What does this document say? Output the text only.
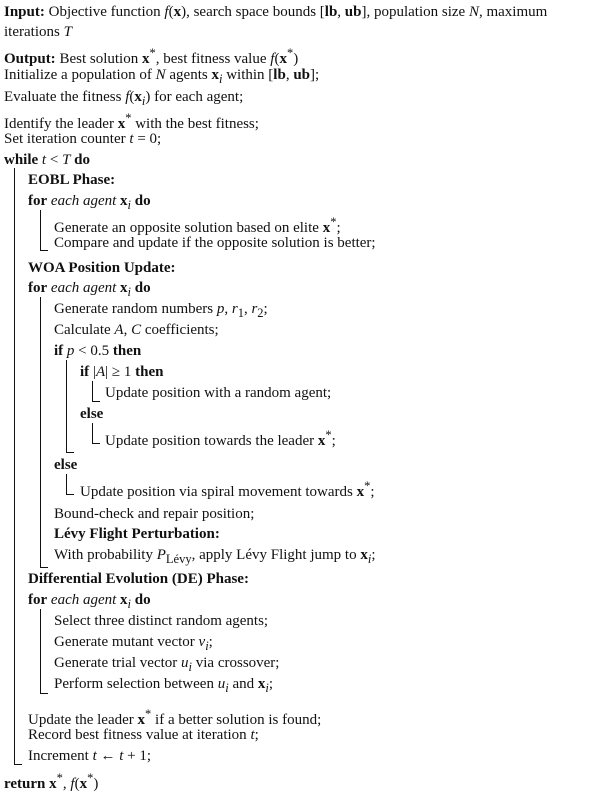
Input: Objective function f(x), search space bounds [lb, ub], population size N, maximum
iterations T
Output: Best solution x*, best fitness value f(x*)
Initialize a population of N agents $x_i$ within [lb, ub];
Evaluate the fitness $f(x_i)$ for each agent;
Identify the leader x* with the best fitness;
Set iteration counter t = 0;
while t < T do
EOBL Phase:
for each agent $x_i$ do
Generate an opposite solution based on elite x*;
Compare and update if the opposite solution is better;
WOA Position Update:
for each agent $x_i$ do
Generate random numbers p, $r_1$, $r_2$;
Calculate A, C coefficients;
if p < 0.5 then
if |A| ≥ 1 then
Update position with a random agent;
else
Update position towards the leader x*;
else
Update position via spiral movement towards x*;
Bound-check and repair position;
Lévy Flight Perturbation:
With probability $P_{Lévy}$, apply Lévy Flight jump to $x_i$;
Differential Evolution (DE) Phase:
for each agent $x_i$ do
Select three distinct random agents;
Generate mutant vector $v_i$;
Generate trial vector $u_i$ via crossover;
Perform selection between $u_i$ and $x_i$;
Update the leader x* if a better solution is found;
Record best fitness value at iteration t;
Increment t ← t + 1;
return x*, f(x*)
